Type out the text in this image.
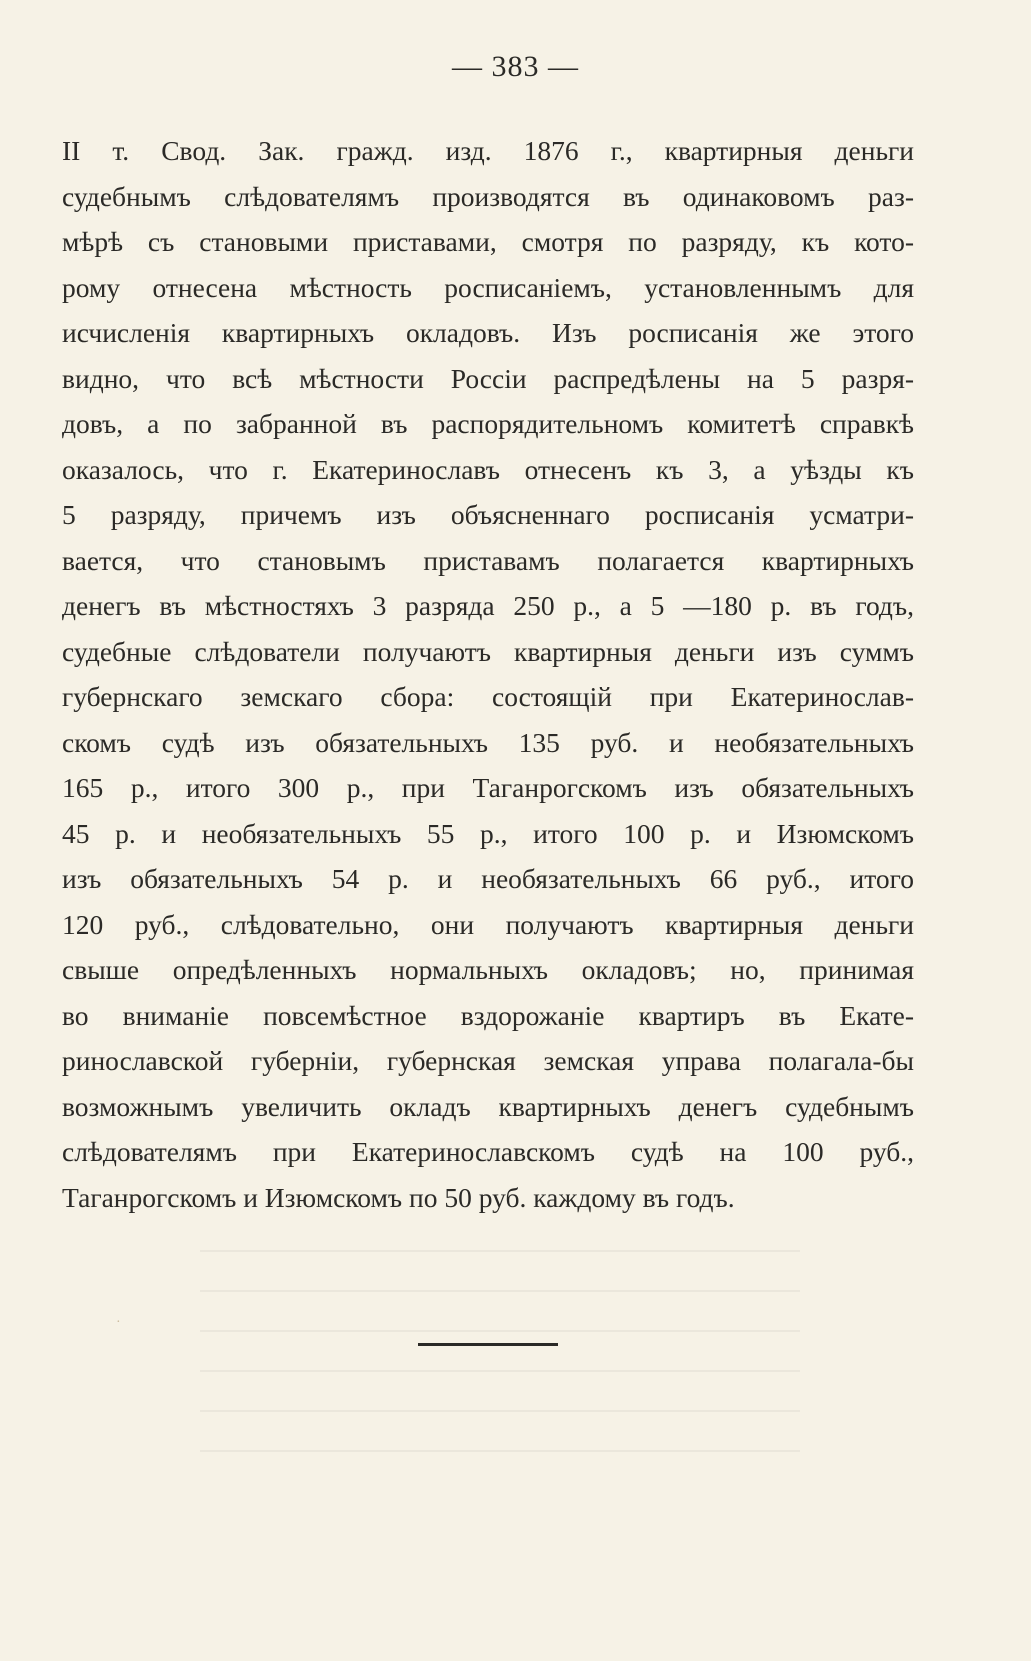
— 383 —
II т. Свод. Зак. гражд. изд. 1876 г., квартирныя деньги
судебнымъ слѣдователямъ производятся въ одинаковомъ раз-
мѣрѣ съ становыми приставами, смотря по разряду, къ кото-
рому отнесена мѣстность росписаніемъ, установленнымъ для
исчисленія квартирныхъ окладовъ. Изъ росписанія же этого
видно, что всѣ мѣстности Россіи распредѣлены на 5 разря-
довъ, а по забранной въ распорядительномъ комитетѣ справкѣ
оказалось, что г. Екатеринославъ отнесенъ къ 3, а уѣзды къ
5 разряду, причемъ изъ объясненнаго росписанія усматри-
вается, что становымъ приставамъ полагается квартирныхъ
денегъ въ мѣстностяхъ 3 разряда 250 р., а 5 —180 р. въ годъ,
судебные слѣдователи получаютъ квартирныя деньги изъ суммъ
губернскаго земскаго сбора: состоящій при Екатеринослав-
скомъ судѣ изъ обязательныхъ 135 руб. и необязательныхъ
165 р., итого 300 р., при Таганрогскомъ изъ обязательныхъ
45 р. и необязательныхъ 55 р., итого 100 р. и Изюмскомъ
изъ обязательныхъ 54 р. и необязательныхъ 66 руб., итого
120 руб., слѣдовательно, они получаютъ квартирныя деньги
свыше опредѣленныхъ нормальныхъ окладовъ; но, принимая
во вниманіе повсемѣстное вздорожаніе квартиръ въ Екате-
ринославской губерніи, губернская земская управа полагала-бы
возможнымъ увеличить окладъ квартирныхъ денегъ судебнымъ
слѣдователямъ при Екатеринославскомъ судѣ на 100 руб.,
Таганрогскомъ и Изюмскомъ по 50 руб. каждому въ годъ.
·
